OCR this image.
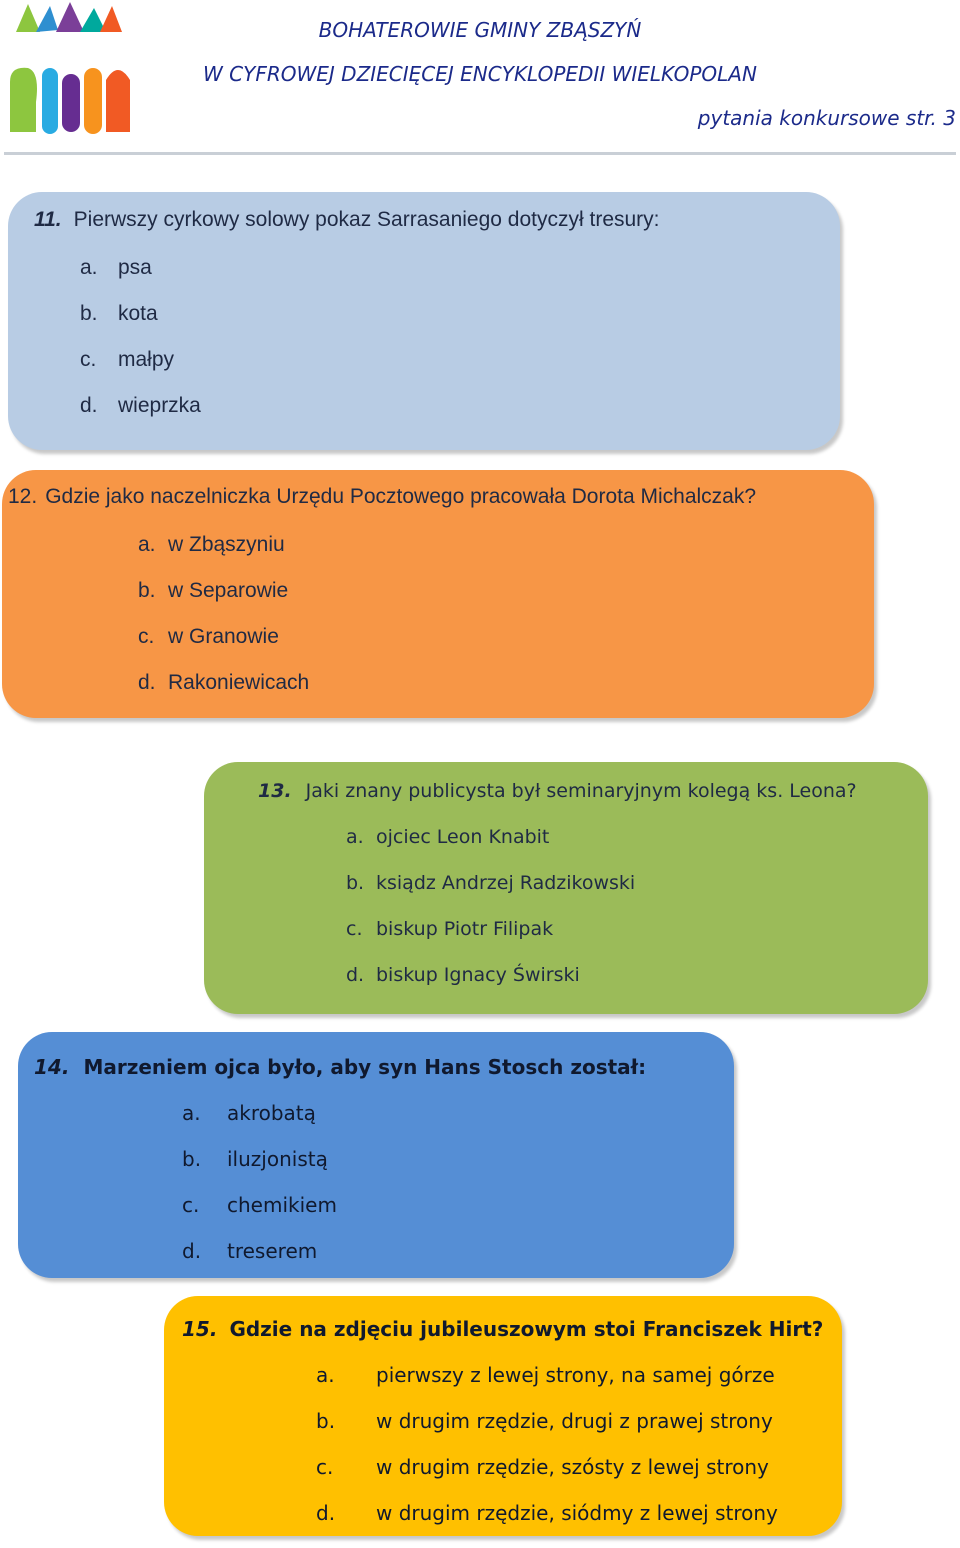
BOHATEROWIE GMINY ZBĄSZYŃ
W CYFROWEJ DZIECIĘCEJ ENCYKLOPEDII WIELKOPOLAN
pytania konkursowe str. 3
11. Pierwszy cyrkowy solowy pokaz Sarrasaniego dotyczył tresury:
a. psa
b. kota
c. małpy
d. wieprzka
12. Gdzie jako naczelniczka Urzędu Pocztowego pracowała Dorota Michalczak?
a. w Zbąszyniu
b. w Separowie
c. w Granowie
d. Rakoniewicach
13. Jaki znany publicysta był seminaryjnym kolegą ks. Leona?
a. ojciec Leon Knabit
b. ksiądz Andrzej Radzikowski
c. biskup Piotr Filipak
d. biskup Ignacy Świrski
14. Marzeniem ojca było, aby syn Hans Stosch został:
a. akrobatą
b. iluzjonistą
c. chemikiem
d. treserem
15. Gdzie na zdjęciu jubileuszowym stoi Franciszek Hirt?
a. pierwszy z lewej strony, na samej górze
b. w drugim rzędzie, drugi z prawej strony
c. w drugim rzędzie, szósty z lewej strony
d. w drugim rzędzie, siódmy z lewej strony
